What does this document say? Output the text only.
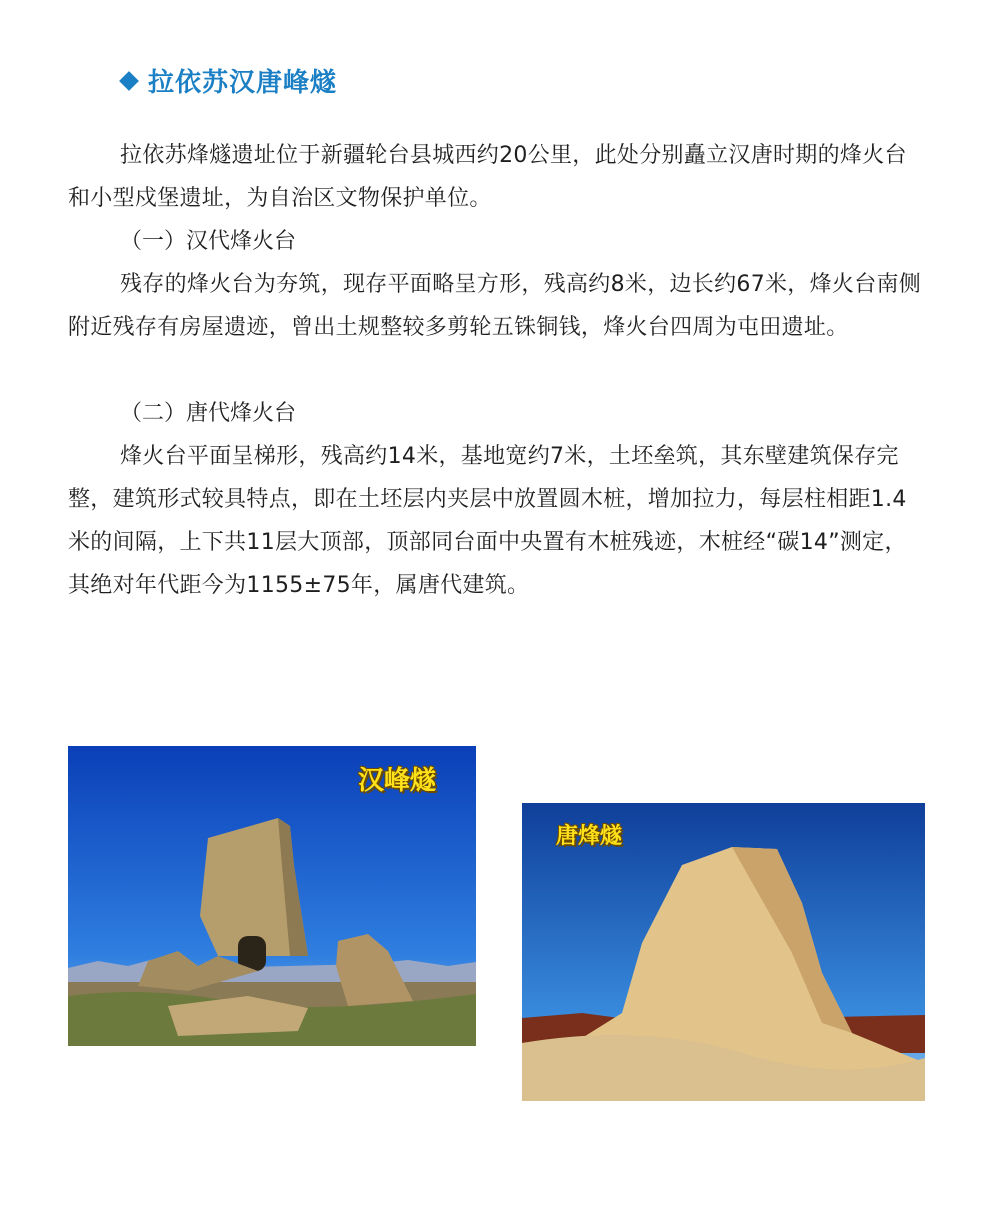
拉依苏汉唐峰燧

拉依苏烽燧遗址位于新疆轮台县城西约20公里，此处分别矗立汉唐时期的烽火台和小型戍堡遗址，为自治区文物保护单位。

（一）汉代烽火台

残存的烽火台为夯筑，现存平面略呈方形，残高约8米，边长约67米，烽火台南侧附近残存有房屋遗迹，曾出土规整较多剪轮五铢铜钱，烽火台四周为屯田遗址。

（二）唐代烽火台

烽火台平面呈梯形，残高约14米，基地宽约7米，土坯垒筑，其东壁建筑保存完整，建筑形式较具特点，即在土坯层内夹层中放置圆木桩，增加拉力，每层柱相距1.4米的间隔，上下共11层大顶部，顶部同台面中央置有木桩残迹，木桩经“碳14”测定，其绝对年代距今为1155±75年，属唐代建筑。

汉峰燧
唐烽燧
